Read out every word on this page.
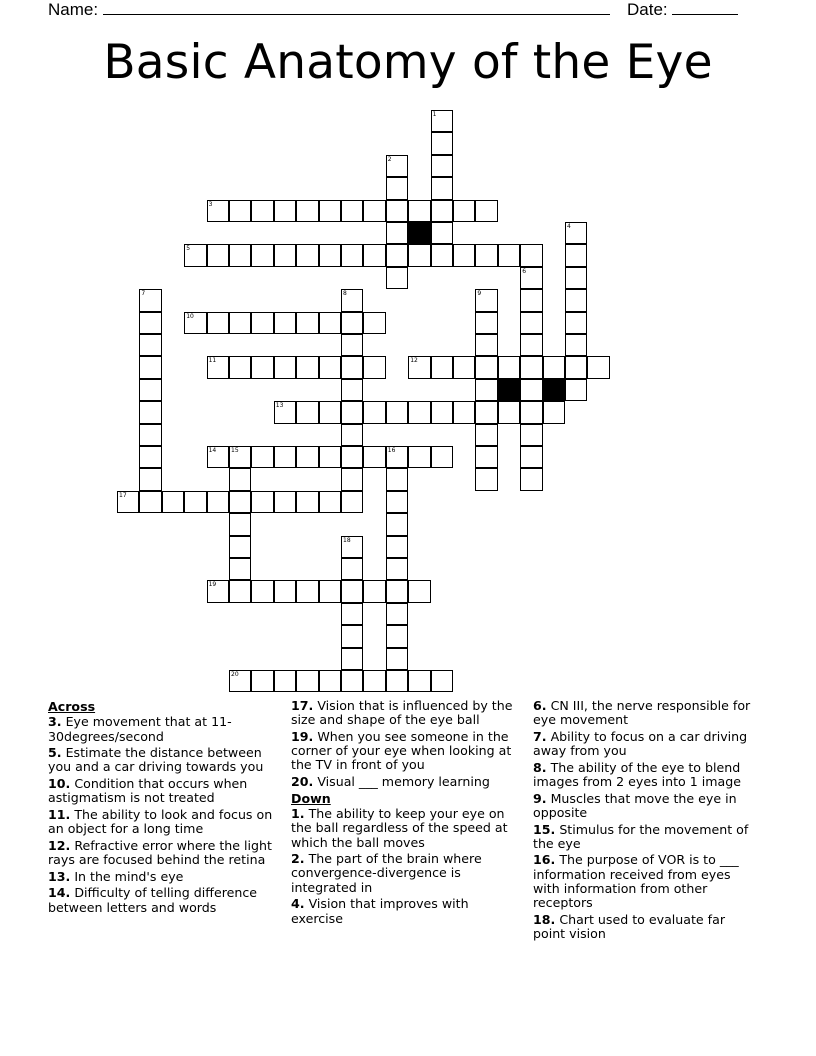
Name:	Date:
Basic Anatomy of the Eye
1
2
3
4
5
6
7	8	9
10
11	12
13
14 15	16
17
18
19
20
Across
3. Eye movement that at 11-30degrees/second
5. Estimate the distance between you and a car driving towards you
10. Condition that occurs when astigmatism is not treated
11. The ability to look and focus on an object for a long time
12. Refractive error where the light rays are focused behind the retina
13. In the mind's eye
14. Difficulty of telling difference between letters and words
17. Vision that is influenced by the size and shape of the eye ball
19. When you see someone in the corner of your eye when looking at the TV in front of you
20. Visual ___ memory learning
Down
1. The ability to keep your eye on the ball regardless of the speed at which the ball moves
2. The part of the brain where convergence-divergence is integrated in
4. Vision that improves with exercise
6. CN III, the nerve responsible for eye movement
7. Ability to focus on a car driving away from you
8. The ability of the eye to blend images from 2 eyes into 1 image
9. Muscles that move the eye in opposite
15. Stimulus for the movement of the eye
16. The purpose of VOR is to ___ information received from eyes with information from other receptors
18. Chart used to evaluate far point vision
